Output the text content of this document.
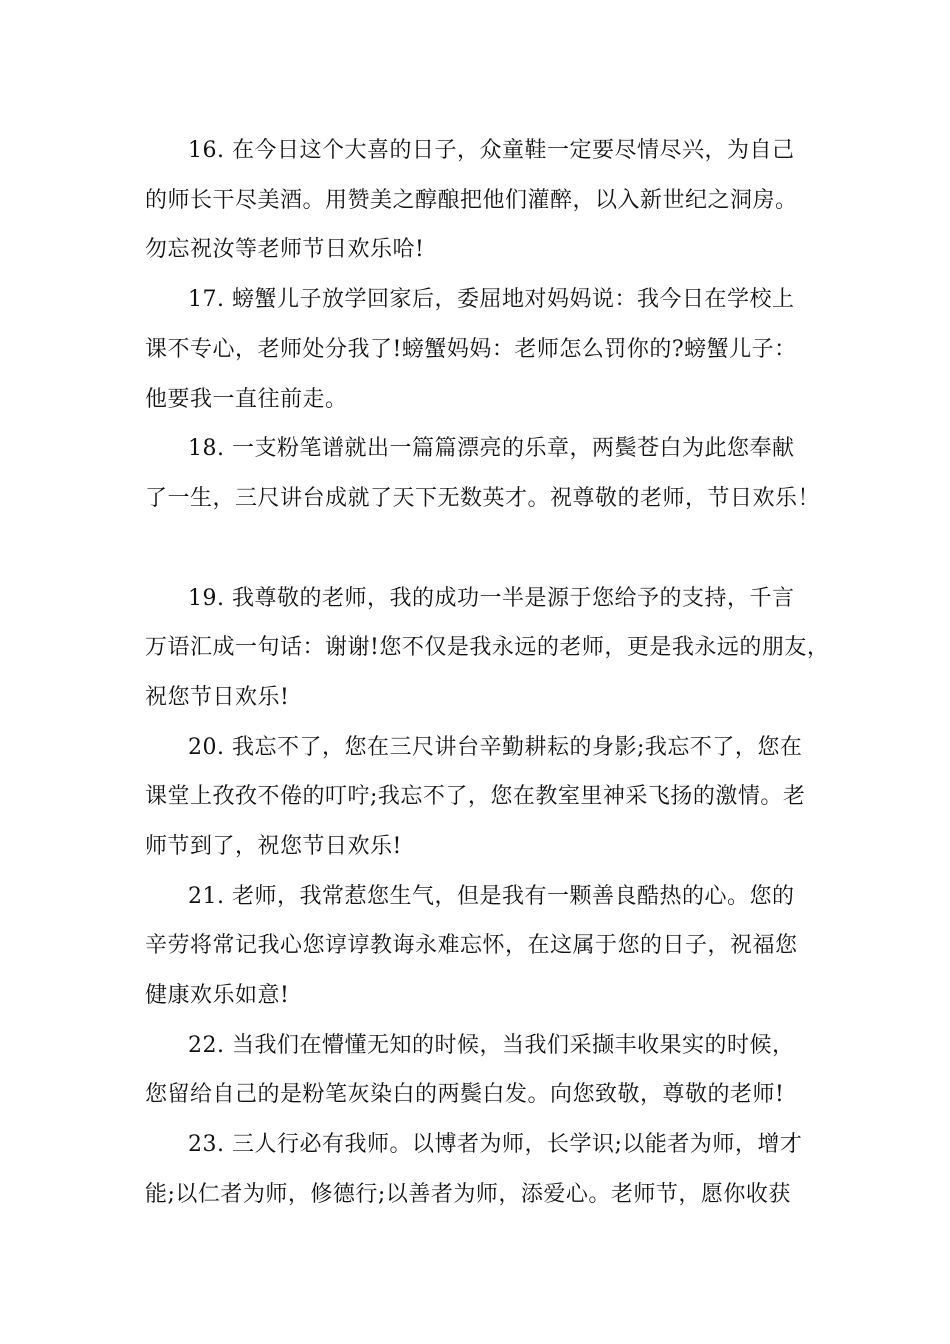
16. 在今日这个大喜的日子，众童鞋一定要尽情尽兴，为自己
的师长干尽美酒。用赞美之醇酿把他们灌醉，以入新世纪之洞房。
勿忘祝汝等老师节日欢乐哈!
17. 螃蟹儿子放学回家后，委屈地对妈妈说：我今日在学校上
课不专心，老师处分我了!螃蟹妈妈：老师怎么罚你的?螃蟹儿子：
他要我一直往前走。
18. 一支粉笔谱就出一篇篇漂亮的乐章，两鬓苍白为此您奉献
了一生，三尺讲台成就了天下无数英才。祝尊敬的老师，节日欢乐！
19. 我尊敬的老师，我的成功一半是源于您给予的支持，千言
万语汇成一句话：谢谢!您不仅是我永远的老师，更是我永远的朋友，
祝您节日欢乐!
20. 我忘不了，您在三尺讲台辛勤耕耘的身影;我忘不了，您在
课堂上孜孜不倦的叮咛;我忘不了，您在教室里神采飞扬的激情。老
师节到了，祝您节日欢乐!
21. 老师，我常惹您生气，但是我有一颗善良酷热的心。您的
辛劳将常记我心您谆谆教诲永难忘怀，在这属于您的日子，祝福您
健康欢乐如意!
22. 当我们在懵懂无知的时候，当我们采撷丰收果实的时候，
您留给自己的是粉笔灰染白的两鬓白发。向您致敬，尊敬的老师!
23. 三人行必有我师。以博者为师，长学识;以能者为师，增才
能;以仁者为师，修德行;以善者为师，添爱心。老师节，愿你收获
